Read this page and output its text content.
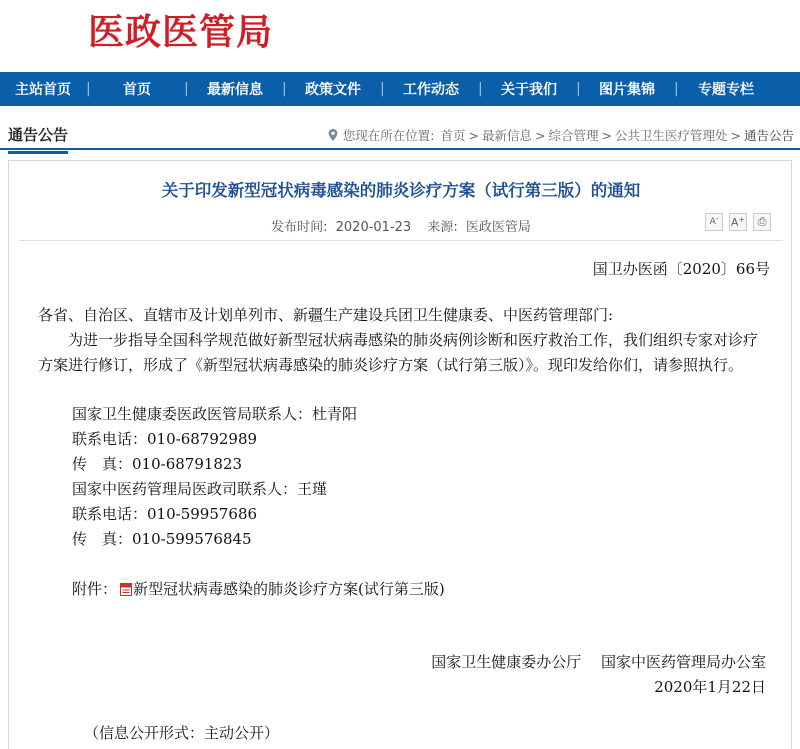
医政医管局
主站首页	|	首页	|	最新信息	|	政策文件	|	工作动态	|	关于我们	|	图片集锦	|	专题专栏
通告公告	您现在所在位置: 首页 > 最新信息 > 综合管理 > 公共卫生医疗管理处 > 通告公告
关于印发新型冠状病毒感染的肺炎诊疗方案（试行第三版）的通知
发布时间: 2020-01-23 来源: 医政医管局	A - A + ⎙
国卫办医函〔2020〕66号
各省、自治区、直辖市及计划单列市、新疆生产建设兵团卫生健康委、中医药管理部门:
为进一步指导全国科学规范做好新型冠状病毒感染的肺炎病例诊断和医疗救治工作，我们组织专家对诊疗方案进行修订，形成了《新型冠状病毒感染的肺炎诊疗方案（试行第三版）》。现印发给你们，请参照执行。
国家卫生健康委医政医管局联系人：杜青阳
联系电话：010-68792989
传　真：010-68791823
国家中医药管理局医政司联系人：王瑾
联系电话：010-59957686
传　真：010-599576845
附件： 新型冠状病毒感染的肺炎诊疗方案(试行第三版)
国家卫生健康委办公厅　 国家中医药管理局办公室
2020年1月22日
（信息公开形式：主动公开）
